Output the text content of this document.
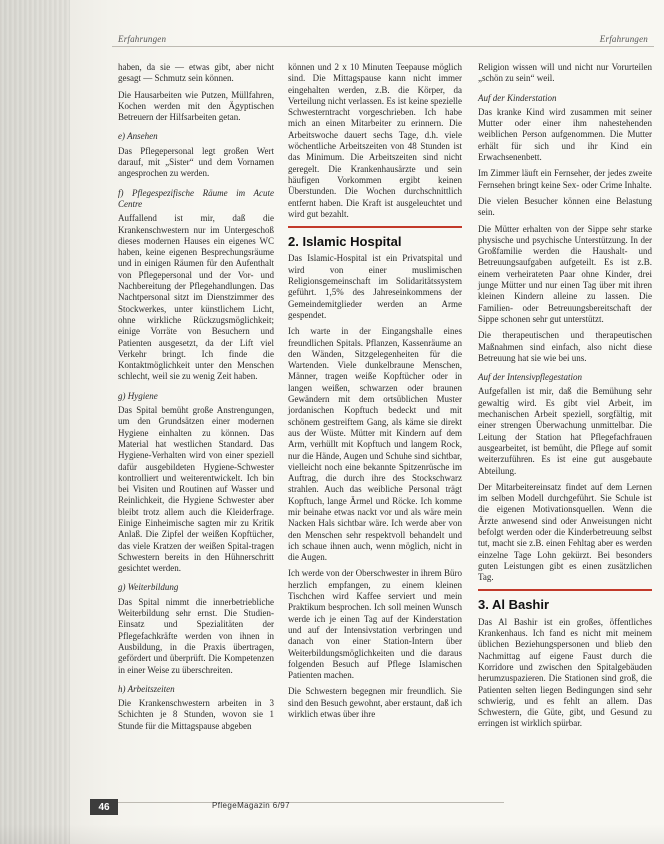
Erfahrungen	Erfahrungen

haben, da sie — etwas gibt, aber nicht gesagt — Schmutz sein können.

Die Hausarbeiten wie Putzen, Müllfahren, Kochen werden mit den Ägyptischen Betreuern der Hilfsarbeiten getan.

e) Ansehen

Das Pflegepersonal legt großen Wert darauf, mit „Sister“ und dem Vornamen angesprochen zu werden.

f) Pflegespezifische Räume im Acute Centre

Auffallend ist mir, daß die Krankenschwestern nur im Untergeschoß dieses modernen Hauses ein eigenes WC haben, keine eigenen Besprechungsräume und in einigen Räumen für den Aufenthalt von Pflegepersonal und der Vor- und Nachbereitung der Pflegehandlungen. Das Nachtpersonal sitzt im Dienstzimmer des Stockwerkes, unter künstlichem Licht, ohne wirkliche Rückzugsmöglichkeit; einige Vorräte von Besuchern und Patienten ausgesetzt, da der Lift viel Verkehr bringt. Ich finde die Kontaktmöglichkeit unter den Menschen schlecht, weil sie zu wenig Zeit haben.

g) Hygiene

Das Spital bemüht große Anstrengungen, um den Grundsätzen einer modernen Hygiene einhalten zu können. Das Material hat westlichen Standard. Das Hygiene-Verhalten wird von einer speziell dafür ausgebildeten Hygiene-Schwester kontrolliert und weiterentwickelt. Ich bin bei Visiten und Routinen auf Wasser und Reinlichkeit, die Hygiene Schwester aber bleibt trotz allem auch die Kleiderfrage. Einige Einheimische sagten mir zu Kritik Anlaß. Die Zipfel der weißen Kopftücher, das viele Kratzen der weißen Spital-tragen Schwestern bereits in den Hühnerschritt gesichtet werden.

g) Weiterbildung

Das Spital nimmt die innerbetriebliche Weiterbildung sehr ernst. Die Studien-Einsatz und Spezialitäten der Pflegefachkräfte werden von ihnen in Ausbildung, in die Praxis übertragen, gefördert und überprüft. Die Kompetenzen in einer Weise zu überschreiten.

h) Arbeitszeiten

Die Krankenschwestern arbeiten in 3 Schichten je 8 Stunden, wovon sie 1 Stunde für die Mittagspause abgeben

können und 2 x 10 Minuten Teepause möglich sind. Die Mittagspause kann nicht immer eingehalten werden, z.B. die Körper, da Verteilung nicht verlassen. Es ist keine spezielle Schwesterntracht vorgeschrieben. Ich habe mich an einen Mitarbeiter zu erinnern. Die Arbeitswoche dauert sechs Tage, d.h. viele wöchentliche Arbeitszeiten von 48 Stunden ist das Minimum. Die Arbeitszeiten sind nicht geregelt. Die Krankenhausärzte und sein häufigen Vorkommen ergibt keinen Überstunden. Die Wochen durchschnittlich entfernt haben. Die Kraft ist ausgeleuchtet und wird gut bezahlt.

2. Islamic Hospital

Das Islamic-Hospital ist ein Privatspital und wird von einer muslimischen Religionsgemeinschaft im Solidaritätssystem geführt. 1,5% des Jahreseinkommens der Gemeindemitglieder werden an Arme gespendet.

Ich warte in der Eingangshalle eines freundlichen Spitals. Pflanzen, Kassenräume an den Wänden, Sitzgelegenheiten für die Wartenden. Viele dunkelbraune Menschen, Männer, tragen weiße Kopftücher oder in langen weißen, schwarzen oder braunen Gewändern mit dem ortsüblichen Muster jordanischen Kopftuch bedeckt und mit schönem gestreiftem Gang, als käme sie direkt aus der Wüste. Mütter mit Kindern auf dem Arm, verhüllt mit Kopftuch und langem Rock, nur die Hände, Augen und Schuhe sind sichtbar, vielleicht noch eine bekannte Spitzenrüsche im Auftrag, die durch ihre des Stockschwarz strahlen. Auch das weibliche Personal trägt Kopftuch, lange Ärmel und Röcke. Ich komme mir beinahe etwas nackt vor und als wäre mein Nacken Hals sichtbar wäre. Ich werde aber von den Menschen sehr respektvoll behandelt und ich schaue ihnen auch, wenn möglich, nicht in die Augen.

Ich werde von der Oberschwester in ihrem Büro herzlich empfangen, zu einem kleinen Tischchen wird Kaffee serviert und mein Praktikum besprochen. Ich soll meinen Wunsch werde ich je einen Tag auf der Kinderstation und auf der Intensivstation verbringen und danach von einer Station-Intern über Weiterbildungsmöglichkeiten und die daraus folgenden Besuch auf Pflege Islamischen Patienten machen.

Die Schwestern begegnen mir freundlich. Sie sind den Besuch gewohnt, aber erstaunt, daß ich wirklich etwas über ihre

Religion wissen will und nicht nur Vorurteilen „schön zu sein“ weil.

Auf der Kinderstation

Das kranke Kind wird zusammen mit seiner Mutter oder einer ihm nahestehenden weiblichen Person aufgenommen. Die Mutter erhält für sich und ihr Kind ein Erwachsenenbett.

Im Zimmer läuft ein Fernseher, der jedes zweite Fernsehen bringt keine Sex- oder Crime Inhalte.

Die vielen Besucher können eine Belastung sein.

Die Mütter erhalten von der Sippe sehr starke physische und psychische Unterstützung. In der Großfamilie werden die Haushalt- und Betreuungsaufgaben aufgeteilt. Es ist z.B. einem verheirateten Paar ohne Kinder, drei junge Mütter und nur einen Tag über mit ihren kleinen Kindern alleine zu lassen. Die Familien- oder Betreuungsbereitschaft der Sippe schonen sehr gut unterstützt.

Die therapeutischen und therapeutischen Maßnahmen sind einfach, also nicht diese Betreuung hat sie wie bei uns.

Auf der Intensivpflegestation

Aufgefallen ist mir, daß die Bemühung sehr gewaltig wird. Es gibt viel Arbeit, im mechanischen Arbeit speziell, sorgfältig, mit einer strengen Überwachung unmittelbar. Die Leitung der Station hat Pflegefachfrauen ausgearbeitet, ist bemüht, die Pflege auf somit weiterzuführen. Es ist eine gut ausgebaute Abteilung.

Der Mitarbeitereinsatz findet auf dem Lernen im selben Modell durchgeführt. Sie Schule ist die eigenen Motivationsquellen. Wenn die Ärzte anwesend sind oder Anweisungen nicht befolgt werden oder die Kinderbetreuung selbst tut, macht sie z.B. einen Fehltag aber es werden einzelne Tage Lohn gekürzt. Bei besonders guten Leistungen gibt es einen zusätzlichen Tag.

3. Al Bashir

Das Al Bashir ist ein großes, öffentliches Krankenhaus. Ich fand es nicht mit meinem üblichen Beziehungspersonen und blieb den Nachmittag auf eigene Faust durch die Korridore und zwischen den Spitalgebäuden herumzuspazieren. Die Stationen sind groß, die Patienten selten liegen Bedingungen sind sehr schwierig, und es fehlt an allem. Das Schwestern, die Güte, gibt, und Gesund zu erringen ist wirklich spürbar.

46	PflegeMagazin 6/97
